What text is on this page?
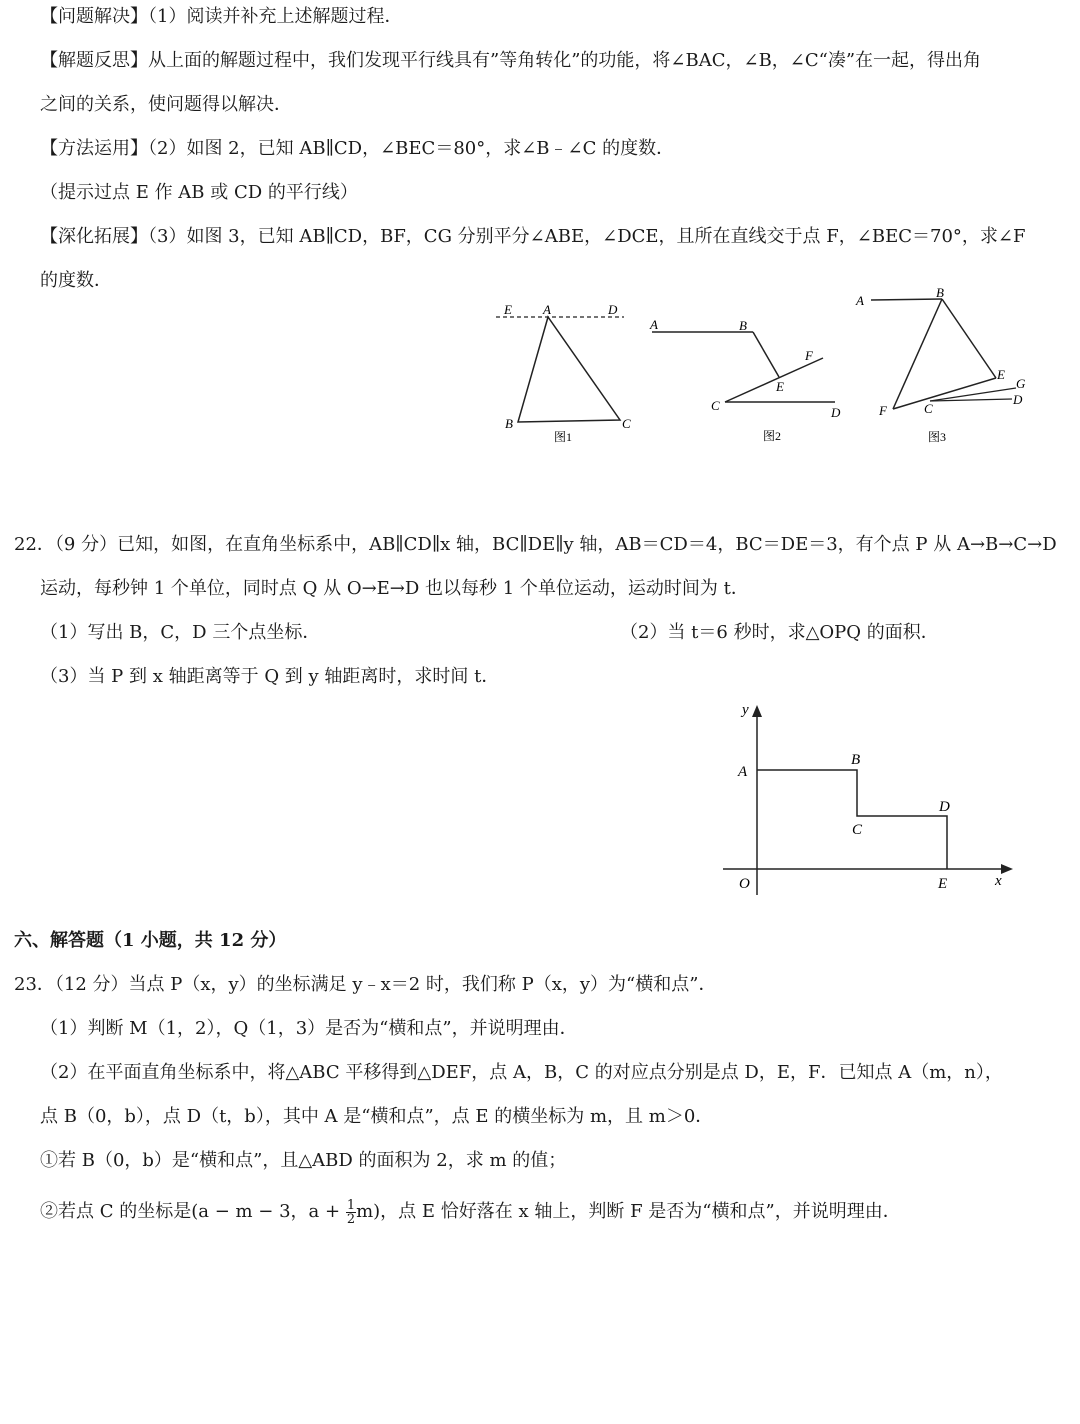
【问题解决】（1）阅读并补充上述解题过程．
【解题反思】从上面的解题过程中，我们发现平行线具有”等角转化”的功能，将∠BAC，∠B，∠C“凑”在一起，得出角
之间的关系，使问题得以解决．
【方法运用】（2）如图 2，已知 AB∥CD，∠BEC＝80°，求∠B﹣∠C 的度数．
（提示过点 E 作 AB 或 CD 的平行线）
【深化拓展】（3）如图 3，已知 AB∥CD，BF，CG 分别平分∠ABE，∠DCE，且所在直线交于点 F，∠BEC＝70°，求∠F
的度数．
E A	D
B	C
图1
A	B
F
E
C	D
图2
A
B
E
G
D
F	C
图3
22．（9 分）已知，如图，在直角坐标系中，AB∥CD∥x 轴，BC∥DE∥y 轴，AB＝CD＝4，BC＝DE＝3，有个点 P 从 A→B→C→D
运动，每秒钟 1 个单位，同时点 Q 从 O→E→D 也以每秒 1 个单位运动，运动时间为 t．
（1）写出 B，C，D 三个点坐标．	（2）当 t＝6 秒时，求△OPQ 的面积．
（3）当 P 到 x 轴距离等于 Q 到 y 轴距离时，求时间 t．
y
x
O
A
B
C
D
E
六、解答题（1 小题，共 12 分）
23．（12 分）当点 P（x，y）的坐标满足 y﹣x＝2 时，我们称 P（x，y）为“横和点”．
（1）判断 M（1，2），Q（1，3）是否为“横和点”，并说明理由．
（2）在平面直角坐标系中，将△ABC 平移得到△DEF，点 A，B，C 的对应点分别是点 D，E，F．已知点 A（m，n），
点 B（0，b），点 D（t，b），其中 A 是“横和点”，点 E 的横坐标为 m，且 m＞0．
①若 B（0，b）是“横和点”，且△ABD 的面积为 2，求 m 的值；
②若点 C 的坐标是(a − m − 3，$a + \frac{1}{2} m$)，点 E 恰好落在 x 轴上，判断 F 是否为“横和点”，并说明理由．
